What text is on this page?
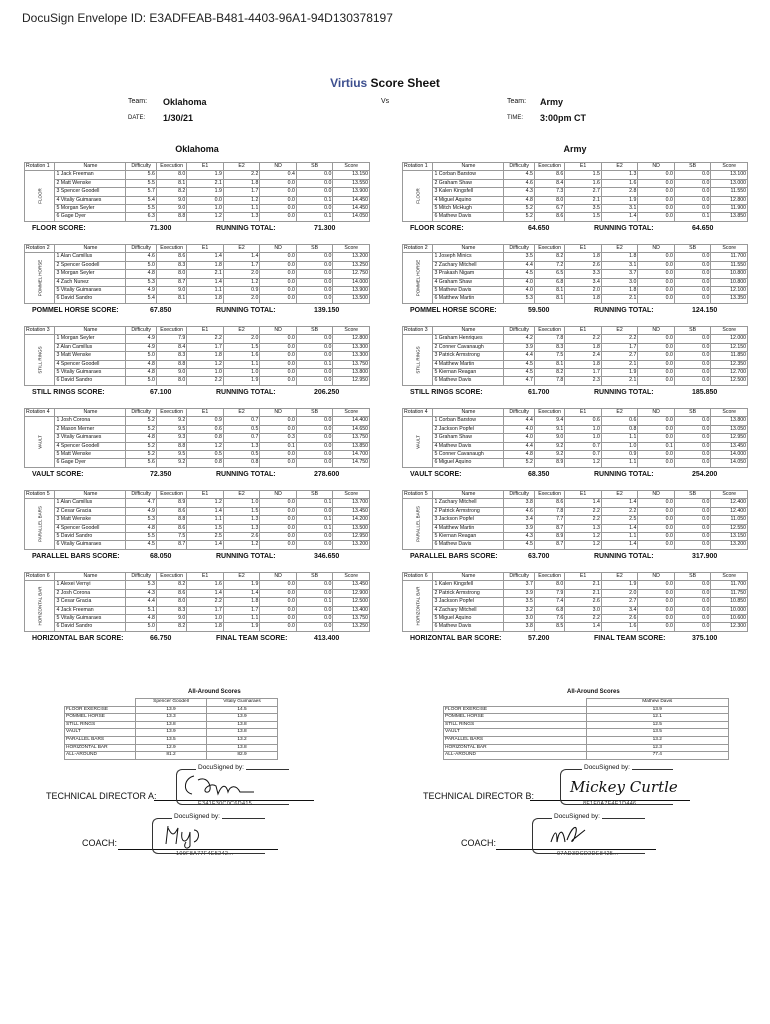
DocuSign Envelope ID: E3ADFEAB-B481-4403-96A1-94D130378197
Virtius Score Sheet
Team: Oklahoma	Vs	Team: Army
DATE: 1/30/21	TIME: 3:00pm CT
Oklahoma	Army
Rotation 1	Name	Difficulty	Execution	E1	E2	ND	SB	Score

FLOOR	1 Jack Freeman	5.6	8.0	1.9	2.2	0.4	0.0	13.150
	2 Matt Wenske	5.5	8.1	2.1	1.8	0.0	0.0	13.550
	3 Spencer Goodell	5.7	8.2	1.9	1.7	0.0	0.0	13.900
	4 Vitaliy Guimaraes	5.4	9.0	0.0	1.2	0.0	0.1	14.450
	5 Morgan Seyler	5.5	9.0	1.0	1.1	0.0	0.0	14.450
	6 Gage Dyer	6.3	8.8	1.2	1.3	0.0	0.1	14.050
FLOOR SCORE:	71.300	RUNNING TOTAL:	71.300
Rotation 2	Name	Difficulty	Execution	E1	E2	ND	SB	Score

POMMEL HORSE	1 Alan Camillus	4.6	8.6	1.4	1.4	0.0	0.0	13.200
	2 Spencer Goodell	5.0	8.3	1.8	1.7	0.0	0.0	13.250
	3 Morgan Seyler	4.8	8.0	2.1	2.0	0.0	0.0	12.750
	4 Zach Nunez	5.3	8.7	1.4	1.2	0.0	0.0	14.000
	5 Vitaliy Guimaraes	4.9	9.0	1.1	0.9	0.0	0.0	13.900
	6 David Sandro	5.4	8.1	1.8	2.0	0.0	0.0	13.500
POMMEL HORSE SCORE:	67.850	RUNNING TOTAL:	139.150
Rotation 3	Name	Difficulty	Execution	E1	E2	ND	SB	Score

STILL RINGS	1 Morgan Seyler	4.9	7.9	2.2	2.0	0.0	0.0	12.800
	2 Alan Camillus	4.9	8.4	1.7	1.5	0.0	0.0	13.300
	3 Matt Wenske	5.0	8.3	1.8	1.6	0.0	0.0	13.300
	4 Spencer Goodell	4.8	8.8	1.2	1.1	0.0	0.1	13.750
	5 Vitaliy Guimaraes	4.8	9.0	1.0	1.0	0.0	0.0	13.800
	6 David Sandro	5.0	8.0	2.2	1.9	0.0	0.0	12.950
STILL RINGS SCORE:	67.100	RUNNING TOTAL:	206.250
Rotation 4	Name	Difficulty	Execution	E1	E2	ND	SB	Score

VAULT	1 Josh Corona	5.2	9.2	0.9	0.7	0.0	0.0	14.400
	2 Mason Merner	5.2	9.5	0.6	0.5	0.0	0.0	14.650
	3 Vitaliy Guimaraes	4.8	9.3	0.8	0.7	0.3	0.0	13.750
	4 Spencer Goodell	5.2	8.8	1.2	1.3	0.1	0.0	13.850
	5 Matt Wenske	5.2	9.5	0.5	0.5	0.0	0.0	14.700
	6 Gage Dyer	5.6	9.2	0.8	0.8	0.0	0.0	14.750
VAULT SCORE:	72.350	RUNNING TOTAL:	278.600
Rotation 5	Name	Difficulty	Execution	E1	E2	ND	SB	Score

PARALLEL BARS	1 Alan Camillus	4.7	8.9	1.2	1.0	0.0	0.1	13.700
	2 Cesar Gracia	4.9	8.6	1.4	1.5	0.0	0.0	13.450
	3 Matt Wenske	5.3	8.8	1.1	1.3	0.0	0.1	14.200
	4 Spencer Goodell	4.8	8.6	1.5	1.3	0.0	0.1	13.500
	5 David Sandro	5.5	7.5	2.5	2.6	0.0	0.0	12.950
	6 Vitaliy Guimaraes	4.5	8.7	1.4	1.2	0.0	0.0	13.200
PARALLEL BARS SCORE:	68.050	RUNNING TOTAL:	346.650
Rotation 6	Name	Difficulty	Execution	E1	E2	ND	SB	Score

HORIZONTAL BAR	1 Alexei Vernyi	5.3	8.2	1.6	1.9	0.0	0.0	13.450
	2 Josh Corona	4.3	8.6	1.4	1.4	0.0	0.0	12.900
	3 Cesar Gracia	4.4	8.0	2.2	1.8	0.0	0.1	12.500
	4 Jack Freeman	5.1	8.3	1.7	1.7	0.0	0.0	13.400
	5 Vitaliy Guimaraes	4.8	9.0	1.0	1.1	0.0	0.0	13.750
	6 David Sandro	5.0	8.2	1.8	1.9	0.0	0.0	13.250
HORIZONTAL BAR SCORE:	66.750	FINAL TEAM SCORE:	413.400
Rotation 1	Name	Difficulty	Execution	E1	E2	ND	SB	Score

FLOOR	1 Corban Barstow	4.5	8.6	1.5	1.3	0.0	0.0	13.100
	2 Graham Shaw	4.6	8.4	1.6	1.6	0.0	0.0	13.000
	3 Kalen Kingsfell	4.3	7.3	2.7	2.8	0.0	0.0	11.550
	4 Miguel Aquino	4.8	8.0	2.1	1.9	0.0	0.0	12.800
	5 Mitch McHugh	5.2	6.7	3.5	3.1	0.0	0.0	11.900
	6 Mathew Davis	5.2	8.6	1.5	1.4	0.0	0.1	13.850
FLOOR SCORE:	64.650	RUNNING TOTAL:	64.650
Rotation 2	Name	Difficulty	Execution	E1	E2	ND	SB	Score

POMMEL HORSE	1 Joseph Minics	3.5	8.2	1.8	1.8	0.0	0.0	11.700
	2 Zachary Mitchell	4.4	7.2	2.6	3.1	0.0	0.0	11.550
	3 Prakash Nigam	4.5	6.5	3.3	3.7	0.0	0.0	10.800
	4 Graham Shaw	4.0	6.8	3.4	3.0	0.0	0.0	10.800
	5 Mathew Davis	4.0	8.1	2.0	1.8	0.0	0.0	12.100
	6 Matthew Martin	5.3	8.1	1.8	2.1	0.0	0.0	13.350
POMMEL HORSE SCORE:	59.500	RUNNING TOTAL:	124.150
Rotation 3	Name	Difficulty	Execution	E1	E2	ND	SB	Score

STILL RINGS	1 Graham Henriques	4.2	7.8	2.2	2.2	0.0	0.0	12.000
	2 Conner Cavanaugh	3.9	8.3	1.8	1.7	0.0	0.0	12.150
	3 Patrick Armstrong	4.4	7.5	2.4	2.7	0.0	0.0	11.850
	4 Matthew Martin	4.5	8.1	1.8	2.1	0.0	0.0	12.350
	5 Kiernan Reagan	4.5	8.2	1.7	1.9	0.0	0.0	12.700
	6 Mathew Davis	4.7	7.8	2.3	2.1	0.0	0.0	12.500
STILL RINGS SCORE:	61.700	RUNNING TOTAL:	185.850
Rotation 4	Name	Difficulty	Execution	E1	E2	ND	SB	Score

VAULT	1 Corban Barstow	4.4	9.4	0.6	0.6	0.0	0.0	13.800
	2 Jackson Popfel	4.0	9.1	1.0	0.8	0.0	0.0	13.050
	3 Graham Shaw	4.0	9.0	1.0	1.1	0.0	0.0	12.950
	4 Mathew Davis	4.4	9.2	0.7	1.0	0.1	0.0	13.450
	5 Conner Cavanaugh	4.8	9.2	0.7	0.9	0.0	0.0	14.000
	6 Miguel Aquino	5.2	8.9	1.2	1.1	0.0	0.0	14.050
VAULT SCORE:	68.350	RUNNING TOTAL:	254.200
Rotation 5	Name	Difficulty	Execution	E1	E2	ND	SB	Score

PARALLEL BARS	1 Zachary Mitchell	3.8	8.6	1.4	1.4	0.0	0.0	12.400
	2 Patrick Armstrong	4.6	7.8	2.2	2.2	0.0	0.0	12.400
	3 Jackson Popfel	3.4	7.7	2.2	2.5	0.0	0.0	11.050
	4 Matthew Martin	3.9	8.7	1.3	1.4	0.0	0.0	12.550
	5 Kiernan Reagan	4.3	8.9	1.2	1.1	0.0	0.0	13.150
	6 Mathew Davis	4.5	8.7	1.2	1.4	0.0	0.0	13.200
PARALLEL BARS SCORE:	63.700	RUNNING TOTAL:	317.900
Rotation 6	Name	Difficulty	Execution	E1	E2	ND	SB	Score

HORIZONTAL BAR	1 Kalen Kingsfell	3.7	8.0	2.1	1.9	0.0	0.0	11.700
	2 Patrick Armstrong	3.9	7.9	2.1	2.0	0.0	0.0	11.750
	3 Jackson Popfel	3.5	7.4	2.6	2.7	0.0	0.0	10.850
	4 Zachary Mitchell	3.2	6.8	3.0	3.4	0.0	0.0	10.000
	5 Miguel Aquino	3.0	7.6	2.2	2.6	0.0	0.0	10.600
	6 Mathew Davis	3.8	8.5	1.4	1.6	0.0	0.0	12.300
HORIZONTAL BAR SCORE:	57.200	FINAL TEAM SCORE:	375.100
All-Around Scores
	Spencer Goodell	Vitaliy Guimaraes
FLOOR EXERCISE	13.9	14.5
POMMEL HORSE	13.3	13.9
STILL RINGS	13.8	13.8
VAULT	13.9	13.8
PARALLEL BARS	13.5	13.2
HORIZONTAL BAR	12.9	13.8
ALL-AROUND	81.2	82.9
All-Around Scores
	Mathew Davis
FLOOR EXERCISE	13.9
POMMEL HORSE	12.1
STILL RINGS	12.5
VAULT	13.5
PARALLEL BARS	13.2
HORIZONTAL BAR	12.3
ALL-AROUND	77.4
TECHNICAL DIRECTOR A:
DocuSigned by:
E341F30C0C6D415...
TECHNICAL DIRECTOR B:
DocuSigned by:
Mickey Curtle
8F1F0A7F4E1D446...
COACH:
DocuSigned by:
109F8A77F4E5242...
COACH:
DocuSigned by:
07AD3DCD2DE8425...
